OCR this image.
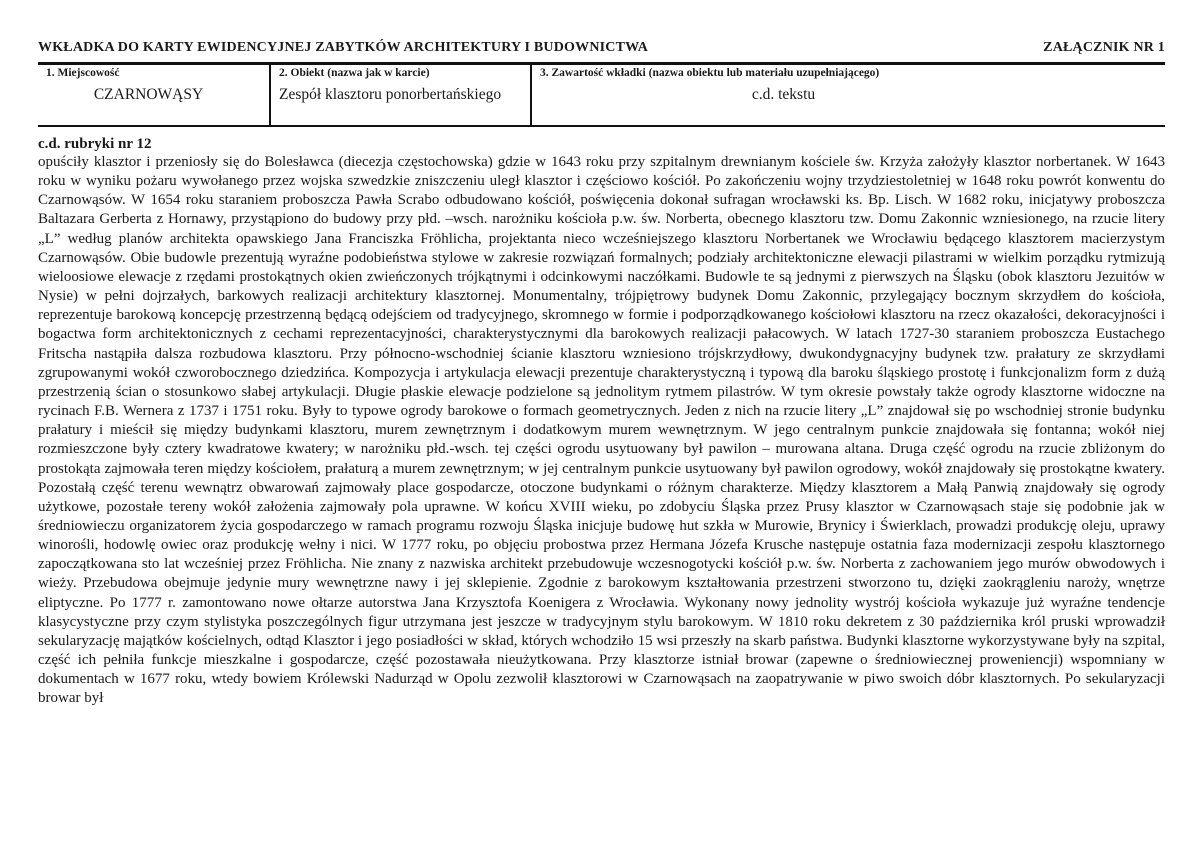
WKŁADKA DO KARTY EWIDENCYJNEJ ZABYTKÓW ARCHITEKTURY I BUDOWNICTWA	ZAŁĄCZNIK NR 1
1. Miejscowość
CZARNOWĄSY
2. Obiekt (nazwa jak w karcie)
Zespół klasztoru ponorbertańskiego
3. Zawartość wkładki (nazwa obiektu lub materiału uzupełniającego)
c.d. tekstu
c.d. rubryki nr 12

opuściły klasztor i przeniosły się do Bolesławca (diecezja częstochowska) gdzie w 1643 roku przy szpitalnym drewnianym kościele św. Krzyża założyły klasztor norbertanek. W 1643 roku w wyniku pożaru wywołanego przez wojska szwedzkie zniszczeniu uległ klasztor i częściowo kościół. Po zakończeniu wojny trzydziestoletniej w 1648 roku powrót konwentu do Czarnowąsów. W 1654 roku staraniem proboszcza Pawła Scrabo odbudowano kościół, poświęcenia dokonał sufragan wrocławski ks. Bp. Lisch. W 1682 roku, inicjatywy proboszcza Baltazara Gerberta z Hornawy, przystąpiono do budowy przy płd. –wsch. narożniku kościoła p.w. św. Norberta, obecnego klasztoru tzw. Domu Zakonnic wzniesionego, na rzucie litery „L” według planów architekta opawskiego Jana Franciszka Fröhlicha, projektanta nieco wcześniejszego klasztoru Norbertanek we Wrocławiu będącego klasztorem macierzystym Czarnowąsów. Obie budowle prezentują wyraźne podobieństwa stylowe w zakresie rozwiązań formalnych; podziały architektoniczne elewacji pilastrami w wielkim porządku rytmizują wieloosiowe elewacje z rzędami prostokątnych okien zwieńczonych trójkątnymi i odcinkowymi naczółkami. Budowle te są jednymi z pierwszych na Śląsku (obok klasztoru Jezuitów w Nysie) w pełni dojrzałych, barkowych realizacji architektury klasztornej. Monumentalny, trójpiętrowy budynek Domu Zakonnic, przylegający bocznym skrzydłem do kościoła, reprezentuje barokową koncepcję przestrzenną będącą odejściem od tradycyjnego, skromnego w formie i podporządkowanego kościołowi klasztoru na rzecz okazałości, dekoracyjności i bogactwa form architektonicznych z cechami reprezentacyjności, charakterystycznymi dla barokowych realizacji pałacowych. W latach 1727-30 staraniem proboszcza Eustachego Fritscha nastąpiła dalsza rozbudowa klasztoru. Przy północno-wschodniej ścianie klasztoru wzniesiono trójskrzydłowy, dwukondygnacyjny budynek tzw. prałatury ze skrzydłami zgrupowanymi wokół czworobocznego dziedzińca. Kompozycja i artykulacja elewacji prezentuje charakterystyczną i typową dla baroku śląskiego prostotę i funkcjonalizm form z dużą przestrzenią ścian o stosunkowo słabej artykulacji. Długie płaskie elewacje podzielone są jednolitym rytmem pilastrów. W tym okresie powstały także ogrody klasztorne widoczne na rycinach F.B. Wernera z 1737 i 1751 roku. Były to typowe ogrody barokowe o formach geometrycznych. Jeden z nich na rzucie litery „L” znajdował się po wschodniej stronie budynku prałatury i mieścił się między budynkami klasztoru, murem zewnętrznym i dodatkowym murem wewnętrznym. W jego centralnym punkcie znajdowała się fontanna; wokół niej rozmieszczone były cztery kwadratowe kwatery; w narożniku płd.-wsch. tej części ogrodu usytuowany był pawilon – murowana altana. Druga część ogrodu na rzucie zbliżonym do prostokąta zajmowała teren między kościołem, prałaturą a murem zewnętrznym; w jej centralnym punkcie usytuowany był pawilon ogrodowy, wokół znajdowały się prostokątne kwatery. Pozostałą część terenu wewnątrz obwarowań zajmowały place gospodarcze, otoczone budynkami o różnym charakterze. Między klasztorem a Małą Panwią znajdowały się ogrody użytkowe, pozostałe tereny wokół założenia zajmowały pola uprawne. W końcu XVIII wieku, po zdobyciu Śląska przez Prusy klasztor w Czarnowąsach staje się podobnie jak w średniowieczu organizatorem życia gospodarczego w ramach programu rozwoju Śląska inicjuje budowę hut szkła w Murowie, Brynicy i Świerklach, prowadzi produkcję oleju, uprawy winorośli, hodowlę owiec oraz produkcję wełny i nici. W 1777 roku, po objęciu probostwa przez Hermana Józefa Krusche następuje ostatnia faza modernizacji zespołu klasztornego zapoczątkowana sto lat wcześniej przez Fröhlicha. Nie znany z nazwiska architekt przebudowuje wczesnogotycki kościół p.w. św. Norberta z zachowaniem jego murów obwodowych i wieży. Przebudowa obejmuje jedynie mury wewnętrzne nawy i jej sklepienie. Zgodnie z barokowym kształtowania przestrzeni stworzono tu, dzięki zaokrągleniu naroży, wnętrze eliptyczne. Po 1777 r. zamontowano nowe ołtarze autorstwa Jana Krzysztofa Koenigera z Wrocławia. Wykonany nowy jednolity wystrój kościoła wykazuje już wyraźne tendencje klasycystyczne przy czym stylistyka poszczególnych figur utrzymana jest jeszcze w tradycyjnym stylu barokowym. W 1810 roku dekretem z 30 października król pruski wprowadził sekularyzację majątków kościelnych, odtąd Klasztor i jego posiadłości w skład, których wchodziło 15 wsi przeszły na skarb państwa. Budynki klasztorne wykorzystywane były na szpital, część ich pełniła funkcje mieszkalne i gospodarcze, część pozostawała nieużytkowana. Przy klasztorze istniał browar (zapewne o średniowiecznej proweniencji) wspomniany w dokumentach w 1677 roku, wtedy bowiem Królewski Nadurząd w Opolu zezwolił klasztorowi w Czarnowąsach na zaopatrywanie w piwo swoich dóbr klasztornych. Po sekularyzacji browar był
